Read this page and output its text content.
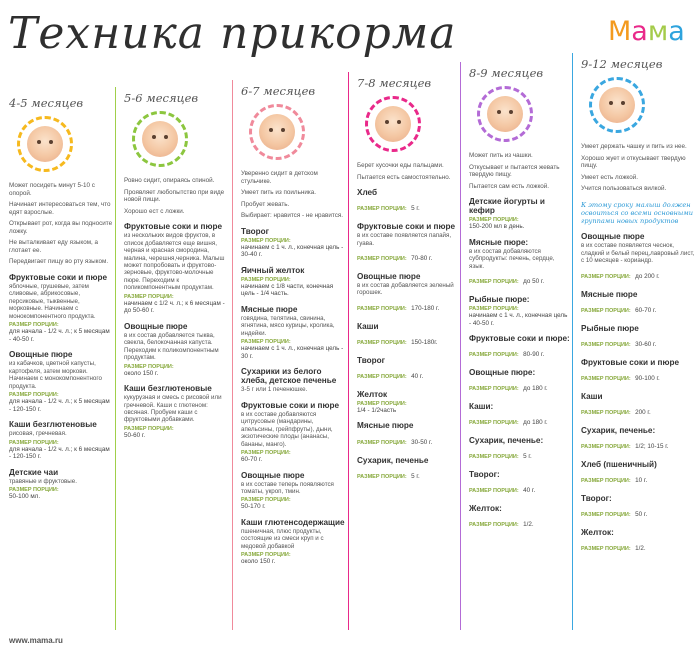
Техника прикорма	Мама
4-5 месяцев

Может посидеть минут 5-10 с опорой.

Начинает интересоваться тем, что едят взрослые.

Открывает рот, когда вы подносите ложку.

Не выталкивает еду языком, а глотает ее.

Передвигает пищу во рту языком.

Фруктовые соки и пюре
яблочные, грушевые, затем сливовые, абрикосовые, персиковые, тыквенные, морковные. Начинаем с монокомпонентного продукта.
РАЗМЕР ПОРЦИИ:
для начала - 1/2 ч. л.; к 5 месяцам - 40-50 г.
Овощные пюре
из кабачков, цветной капусты, картофеля, затем моркови. Начинаем с монокомпонентного продукта.
РАЗМЕР ПОРЦИИ:
для начала - 1/2 ч. л.; к 5 месяцам - 120-150 г.
Каши безглютеновые
рисовая, гречневая.
РАЗМЕР ПОРЦИИ:
для начала - 1/2 ч. л.; к 6 месяцам - 120-150 г.
Детские чаи
травяные и фруктовые.
РАЗМЕР ПОРЦИИ:
50-100 мл.
5-6 месяцев

Ровно сидит, опираясь спиной.

Проявляет любопытство при виде новой пищи.

Хорошо ест с ложки.

Фруктовые соки и пюре
из нескольких видов фруктов, в список добавляется еще вишня, черная и красная смородина, малина, черешня,черника. Малыш может попробовать и фруктово-зерновые, фруктово-молочные пюре. Переходим к поликомпонентным продуктам.
РАЗМЕР ПОРЦИИ:
начинаем с 1/2 ч. л.; к 6 месяцам - до 50-60 г.
Овощные пюре
в их состав добавляется тыква, свекла, белокочанная капуста. Переходим к поликомпонентным продуктам.
РАЗМЕР ПОРЦИИ:
около 150 г.
Каши безглютеновые
кукурузная и смесь с рисовой или гречневой. Каши с глютеном: овсяная. Пробуем каши с фруктовыми добавками.
РАЗМЕР ПОРЦИИ:
50-60 г.
6-7 месяцев

Уверенно сидит в детском стульчике.

Умеет пить из поильника.

Пробует жевать.

Выбирает: нравится - не нравится.

Творог
РАЗМЕР ПОРЦИИ:
начинаем с 1 ч. л., конечная цель - 30-40 г.
Яичный желток
РАЗМЕР ПОРЦИИ:
начинаем с 1/8 части, конечная цель - 1/4 часть.
Мясные пюре
говядина, телятина, свинина, ягнятина, мясо курицы, кролика, индейки.
РАЗМЕР ПОРЦИИ:
начинаем с 1 ч. л., конечная цель - 30 г.
Сухарики из белого хлеба, детское печенье
3-5 г или 1 печенюшке.
Фруктовые соки и пюре
в их составе добавляются цитрусовые (мандарины, апельсины, грейпфруты), дыни, экзотические плоды (ананасы, бананы, манго).
РАЗМЕР ПОРЦИИ:
60-70 г.
Овощные пюре
в их составе теперь появляются томаты, укроп, тмин.
РАЗМЕР ПОРЦИИ:
50-170 г.
Каши глютенсодержащие
пшеничная, плюс продукты, состоящие из смеси круп и с медовой добавкой
РАЗМЕР ПОРЦИИ:
около 150 г.
7-8 месяцев

Берет кусочки еды пальцами.

Пытается есть самостоятельно.

Хлеб
РАЗМЕР ПОРЦИИ: 5 г.
Фруктовые соки и пюре
в их составе появляется папайя, гуава.
РАЗМЕР ПОРЦИИ: 70-80 г.
Овощные пюре
в их состав добавляется зеленый горошек.
РАЗМЕР ПОРЦИИ: 170-180 г.
Каши
РАЗМЕР ПОРЦИИ: 150-180г.
Творог
РАЗМЕР ПОРЦИИ: 40 г.
Желток
РАЗМЕР ПОРЦИИ:
1/4 - 1/2часть
Мясные пюре
РАЗМЕР ПОРЦИИ: 30-50 г.
Сухарик, печенье
РАЗМЕР ПОРЦИИ: 5 г.
8-9 месяцев

Может пить из чашки.

Откусывает и пытается жевать твердую пищу.

Пытается сам есть ложкой.

Детские йогурты и кефир
РАЗМЕР ПОРЦИИ:
150-200 мл в день.
Мясные пюре:
в их состав добавляются субпродукты: печень, сердце, язык.
РАЗМЕР ПОРЦИИ: до 50 г.
Рыбные пюре:
РАЗМЕР ПОРЦИИ:
начинаем с 1 ч. л., конечная цель - 40-50 г.
Фруктовые соки и пюре:
РАЗМЕР ПОРЦИИ: 80-90 г.
Овощные пюре:
РАЗМЕР ПОРЦИИ: до 180 г.
Каши:
РАЗМЕР ПОРЦИИ: до 180 г.
Сухарик, печенье:
РАЗМЕР ПОРЦИИ: 5 г.
Творог:
РАЗМЕР ПОРЦИИ: 40 г.
Желток:
РАЗМЕР ПОРЦИИ: 1/2.
9-12 месяцев

Умеет держать чашку и пить из нее.

Хорошо жует и откусывает твердую пищу.

Умеет есть ложкой.

Учится пользоваться вилкой.

К этому сроку малыш должен освоиться со всеми основными группами новых продуктов
Овощные пюре
в их составе появляется чеснок, сладкий и белый перец,лавровый лист, с 10 месяцев - кориандр.
РАЗМЕР ПОРЦИИ: до 200 г.
Мясные пюре
РАЗМЕР ПОРЦИИ: 60-70 г.
Рыбные пюре
РАЗМЕР ПОРЦИИ: 30-60 г.
Фруктовые соки и пюре
РАЗМЕР ПОРЦИИ: 90-100 г.
Каши
РАЗМЕР ПОРЦИИ: 200 г.
Сухарик, печенье:
РАЗМЕР ПОРЦИИ: 1/2; 10-15 г.
Хлеб (пшеничный)
РАЗМЕР ПОРЦИИ: 10 г.
Творог:
РАЗМЕР ПОРЦИИ: 50 г.
Желток:
РАЗМЕР ПОРЦИИ: 1/2.
www.mama.ru
